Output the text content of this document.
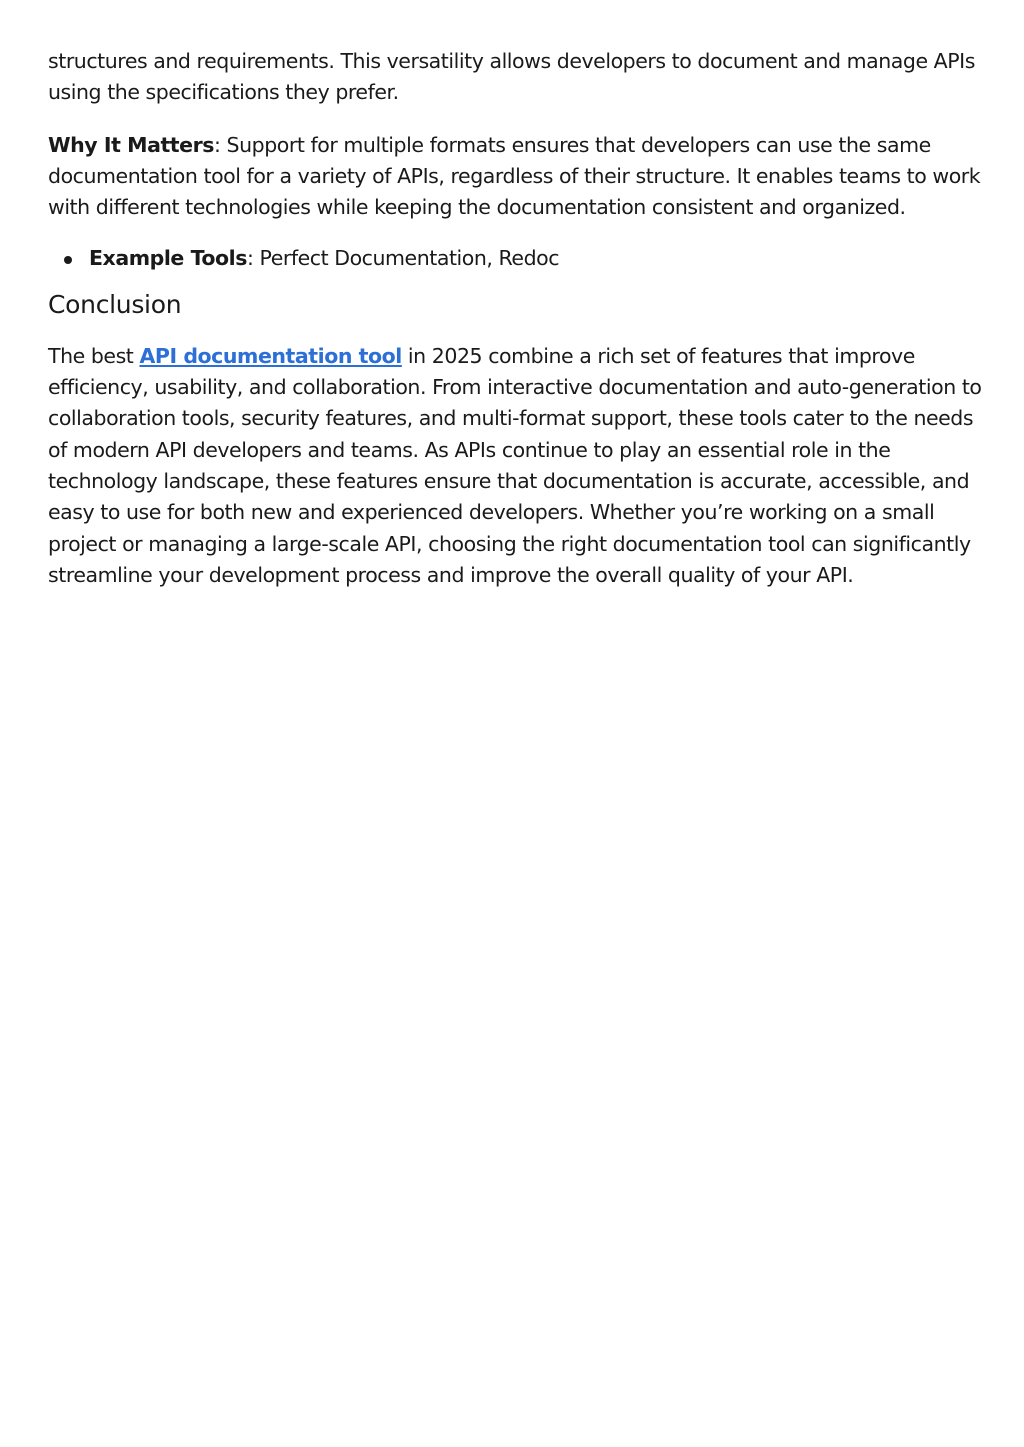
structures and requirements. This versatility allows developers to document and manage APIs using the specifications they prefer.

Why It Matters: Support for multiple formats ensures that developers can use the same documentation tool for a variety of APIs, regardless of their structure. It enables teams to work with different technologies while keeping the documentation consistent and organized.

Example Tools: Perfect Documentation, Redoc
Conclusion

The best API documentation tool in 2025 combine a rich set of features that improve efficiency, usability, and collaboration. From interactive documentation and auto-generation to collaboration tools, security features, and multi-format support, these tools cater to the needs of modern API developers and teams. As APIs continue to play an essential role in the technology landscape, these features ensure that documentation is accurate, accessible, and easy to use for both new and experienced developers. Whether you’re working on a small project or managing a large-scale API, choosing the right documentation tool can significantly streamline your development process and improve the overall quality of your API.
